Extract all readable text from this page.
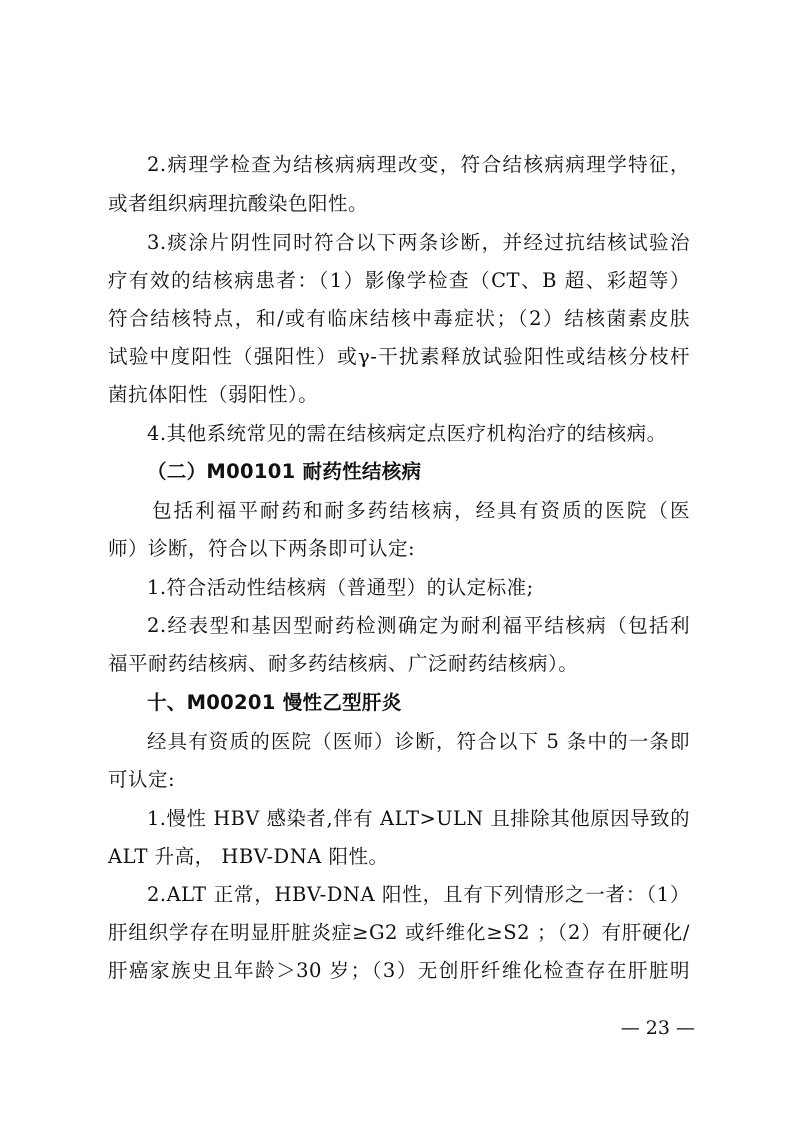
2.病理学检查为结核病病理改变，符合结核病病理学特征，
或者组织病理抗酸染色阳性。
3.痰涂片阴性同时符合以下两条诊断，并经过抗结核试验治
疗有效的结核病患者：（1）影像学检查（CT、B 超、彩超等）
符合结核特点，和/或有临床结核中毒症状；（2）结核菌素皮肤
试验中度阳性（强阳性）或γ-干扰素释放试验阳性或结核分枝杆
菌抗体阳性（弱阳性）。
4.其他系统常见的需在结核病定点医疗机构治疗的结核病。
（二）M00101 耐药性结核病
包括利福平耐药和耐多药结核病，经具有资质的医院（医
师）诊断，符合以下两条即可认定:
1.符合活动性结核病（普通型）的认定标准;
2.经表型和基因型耐药检测确定为耐利福平结核病（包括利
福平耐药结核病、耐多药结核病、广泛耐药结核病）。
十、M00201 慢性乙型肝炎
经具有资质的医院（医师）诊断，符合以下 5 条中的一条即
可认定:
1.慢性 HBV 感染者,伴有 ALT>ULN 且排除其他原因导致的
ALT 升高， HBV-DNA 阳性。
2.ALT 正常，HBV-DNA 阳性，且有下列情形之一者：（1）
肝组织学存在明显肝脏炎症≥G2 或纤维化≥S2 ；（2）有肝硬化/
肝癌家族史且年龄＞30 岁；（3）无创肝纤维化检查存在肝脏明
— 23 —
